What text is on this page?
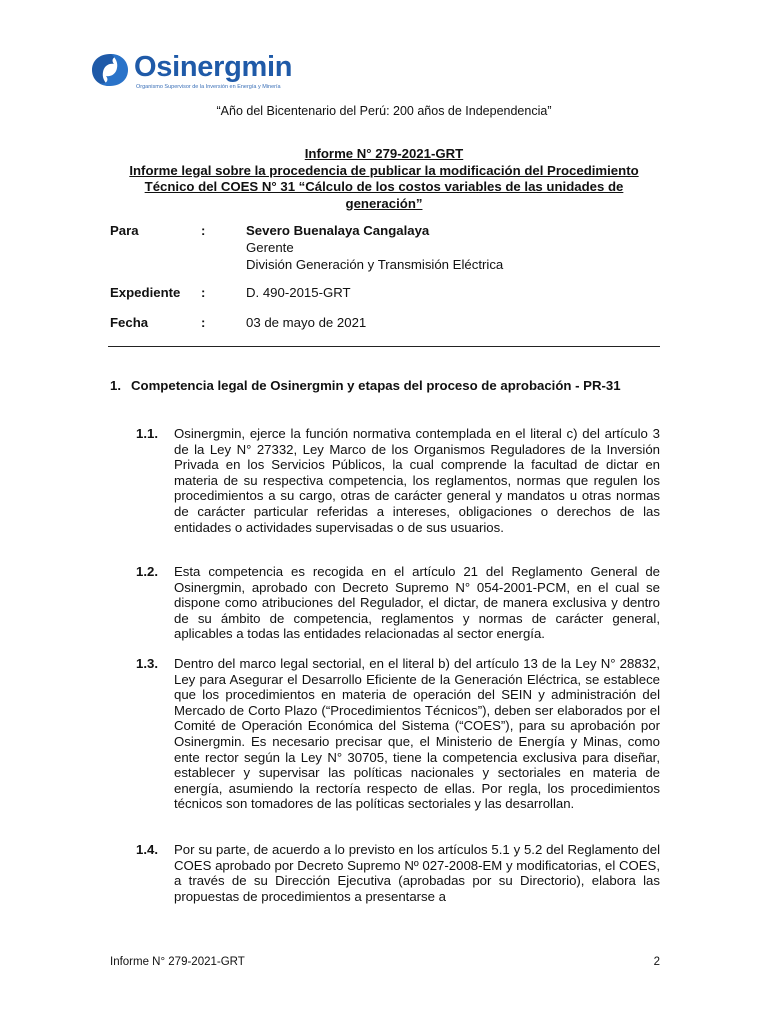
Osinergmin
Organismo Supervisor de la Inversión en Energía y Minería
“Año del Bicentenario del Perú: 200 años de Independencia”
Informe N° 279-2021-GRT
Informe legal sobre la procedencia de publicar la modificación del Procedimiento
Técnico del COES N° 31 “Cálculo de los costos variables de las unidades de
generación”
Para	:	Severo Buenalaya Cangalaya
Gerente
División Generación y Transmisión Eléctrica
Expediente :	D. 490-2015-GRT
Fecha	:	03 de mayo de 2021
1. Competencia legal de Osinergmin y etapas del proceso de aprobación - PR-31
1.1. Osinergmin, ejerce la función normativa contemplada en el literal c) del artículo 3 de la Ley N° 27332, Ley Marco de los Organismos Reguladores de la Inversión Privada en los Servicios Públicos, la cual comprende la facultad de dictar en materia de su respectiva competencia, los reglamentos, normas que regulen los procedimientos a su cargo, otras de carácter general y mandatos u otras normas de carácter particular referidas a intereses, obligaciones o derechos de las entidades o actividades supervisadas o de sus usuarios.
1.2. Esta competencia es recogida en el artículo 21 del Reglamento General de Osinergmin, aprobado con Decreto Supremo N° 054-2001-PCM, en el cual se dispone como atribuciones del Regulador, el dictar, de manera exclusiva y dentro de su ámbito de competencia, reglamentos y normas de carácter general, aplicables a todas las entidades relacionadas al sector energía.
1.3. Dentro del marco legal sectorial, en el literal b) del artículo 13 de la Ley N° 28832, Ley para Asegurar el Desarrollo Eficiente de la Generación Eléctrica, se establece que los procedimientos en materia de operación del SEIN y administración del Mercado de Corto Plazo (“Procedimientos Técnicos”), deben ser elaborados por el Comité de Operación Económica del Sistema (“COES”), para su aprobación por Osinergmin. Es necesario precisar que, el Ministerio de Energía y Minas, como ente rector según la Ley N° 30705, tiene la competencia exclusiva para diseñar, establecer y supervisar las políticas nacionales y sectoriales en materia de energía, asumiendo la rectoría respecto de ellas. Por regla, los procedimientos técnicos son tomadores de las políticas sectoriales y las desarrollan.
1.4. Por su parte, de acuerdo a lo previsto en los artículos 5.1 y 5.2 del Reglamento del COES aprobado por Decreto Supremo Nº 027-2008-EM y modificatorias, el COES, a través de su Dirección Ejecutiva (aprobadas por su Directorio), elabora las propuestas de procedimientos a presentarse a
Informe N° 279-2021-GRT	2
